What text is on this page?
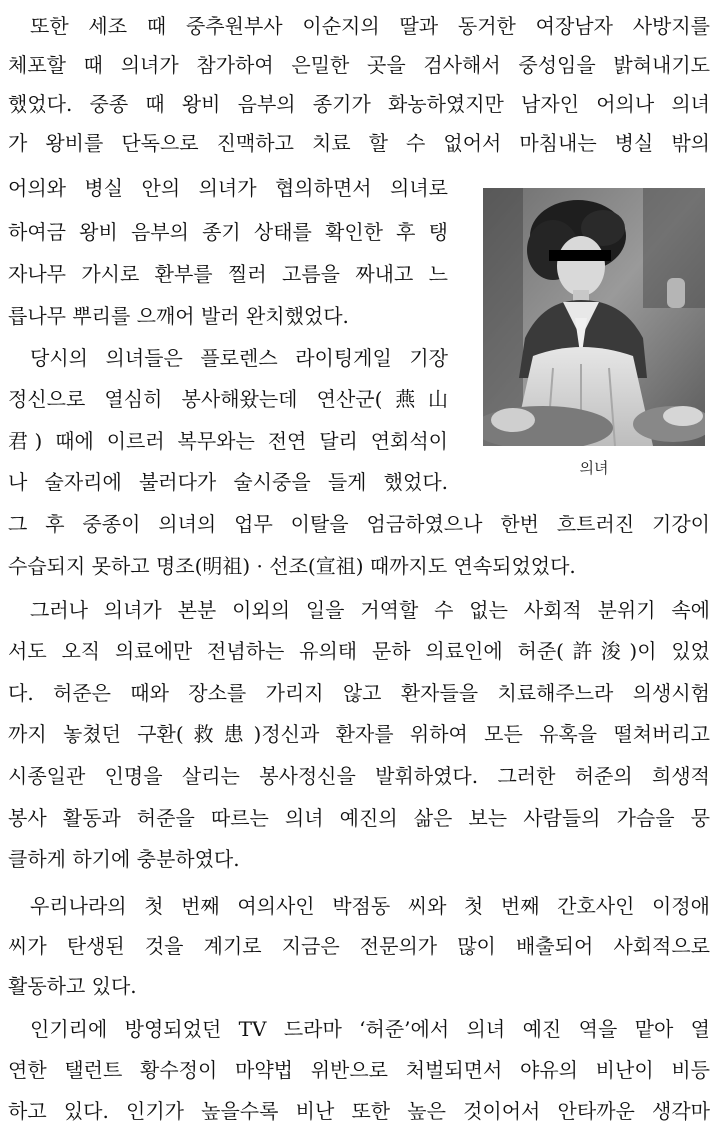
또한 세조 때 중추원부사 이순지의 딸과 동거한 여장남자 사방지를
체포할 때 의녀가 참가하여 은밀한 곳을 검사해서 중성임을 밝혀내기도
했었다. 중종 때 왕비 음부의 종기가 화농하였지만 남자인 어의나 의녀
가 왕비를 단독으로 진맥하고 치료 할 수 없어서 마침내는 병실 밖의
어의와 병실 안의 의녀가 협의하면서 의녀로
하여금 왕비 음부의 종기 상태를 확인한 후 탱
자나무 가시로 환부를 찔러 고름을 짜내고 느
릅나무 뿌리를 으깨어 발러 완치했었다.
당시의 의녀들은 플로렌스 라이팅게일 기장
정신으로 열심히 봉사해왔는데 연산군(燕山
君) 때에 이르러 복무와는 전연 달리 연회석이
나 술자리에 불러다가 술시중을 들게 했었다.
그 후 중종이 의녀의 업무 이탈을 엄금하였으나 한번 흐트러진 기강이
수습되지 못하고 명조(明祖) · 선조(宣祖) 때까지도 연속되었었다.
그러나 의녀가 본분 이외의 일을 거역할 수 없는 사회적 분위기 속에
서도 오직 의료에만 전념하는 유의태 문하 의료인에 허준(許浚)이 있었
다. 허준은 때와 장소를 가리지 않고 환자들을 치료해주느라 의생시험
까지 놓쳤던 구환(救患)정신과 환자를 위하여 모든 유혹을 떨쳐버리고
시종일관 인명을 살리는 봉사정신을 발휘하였다. 그러한 허준의 희생적
봉사 활동과 허준을 따르는 의녀 예진의 삶은 보는 사람들의 가슴을 뭉
클하게 하기에 충분하였다.
우리나라의 첫 번째 여의사인 박점동 씨와 첫 번째 간호사인 이정애
씨가 탄생된 것을 계기로 지금은 전문의가 많이 배출되어 사회적으로
활동하고 있다.
인기리에 방영되었던 TV 드라마 ‘허준’에서 의녀 예진 역을 맡아 열
연한 탤런트 황수정이 마약법 위반으로 처벌되면서 야유의 비난이 비등
하고 있다. 인기가 높을수록 비난 또한 높은 것이어서 안타까운 생각마
의녀
